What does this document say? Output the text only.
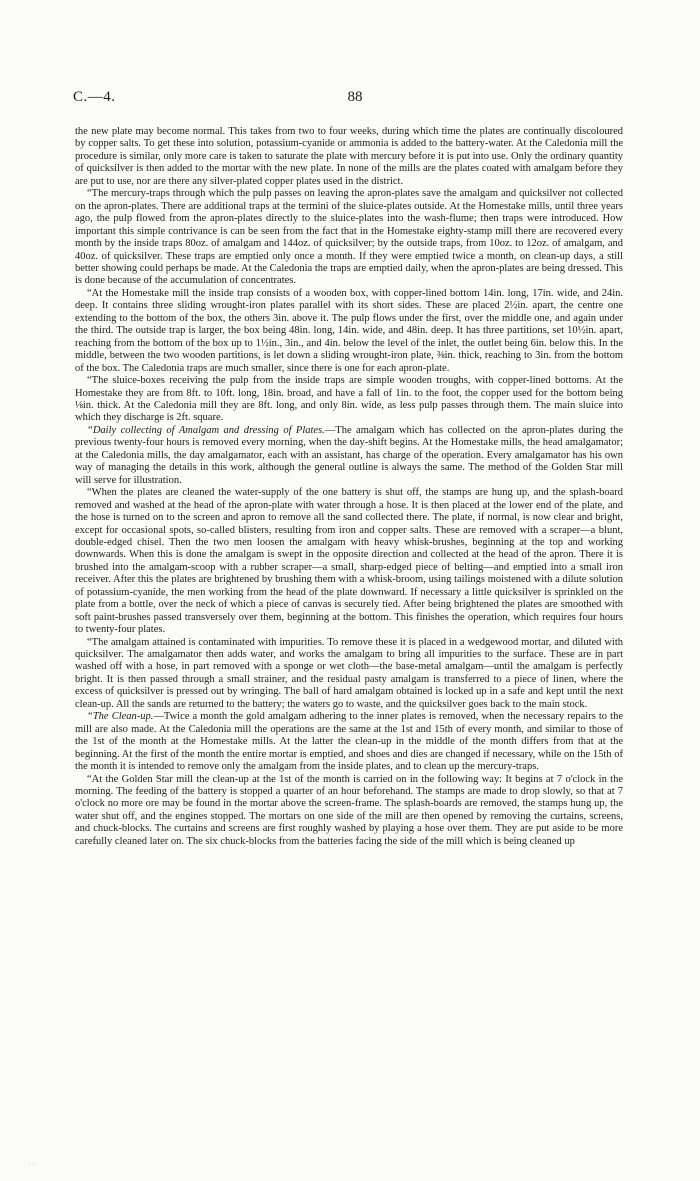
C.—4.	88

the new plate may become normal. This takes from two to four weeks, during which time the plates are continually discoloured by copper salts. To get these into solution, potassium-cyanide or ammonia is added to the battery-water. At the Caledonia mill the procedure is similar, only more care is taken to saturate the plate with mercury before it is put into use. Only the ordinary quantity of quicksilver is then added to the mortar with the new plate. In none of the mills are the plates coated with amalgam before they are put to use, nor are there any silver-plated copper plates used in the district.

“The mercury-traps through which the pulp passes on leaving the apron-plates save the amalgam and quicksilver not collected on the apron-plates. There are additional traps at the termini of the sluice-plates outside. At the Homestake mills, until three years ago, the pulp flowed from the apron-plates directly to the sluice-plates into the wash-flume; then traps were introduced. How important this simple contrivance is can be seen from the fact that in the Homestake eighty-stamp mill there are recovered every month by the inside traps 80oz. of amalgam and 144oz. of quicksilver; by the outside traps, from 10oz. to 12oz. of amalgam, and 40oz. of quicksilver. These traps are emptied only once a month. If they were emptied twice a month, on clean-up days, a still better showing could perhaps be made. At the Caledonia the traps are emptied daily, when the apron-plates are being dressed. This is done because of the accumulation of concentrates.

“At the Homestake mill the inside trap consists of a wooden box, with copper-lined bottom 14in. long, 17in. wide, and 24in. deep. It contains three sliding wrought-iron plates parallel with its short sides. These are placed 2½in. apart, the centre one extending to the bottom of the box, the others 3in. above it. The pulp flows under the first, over the middle one, and again under the third. The outside trap is larger, the box being 48in. long, 14in. wide, and 48in. deep. It has three partitions, set 10½in. apart, reaching from the bottom of the box up to 1½in., 3in., and 4in. below the level of the inlet, the outlet being 6in. below this. In the middle, between the two wooden partitions, is let down a sliding wrought-iron plate, ⅜in. thick, reaching to 3in. from the bottom of the box. The Caledonia traps are much smaller, since there is one for each apron-plate.

“The sluice-boxes receiving the pulp from the inside traps are simple wooden troughs, with copper-lined bottoms. At the Homestake they are from 8ft. to 10ft. long, 18in. broad, and have a fall of 1in. to the foot, the copper used for the bottom being ⅛in. thick. At the Caledonia mill they are 8ft. long, and only 8in. wide, as less pulp passes through them. The main sluice into which they discharge is 2ft. square.

“Daily collecting of Amalgam and dressing of Plates.—The amalgam which has collected on the apron-plates during the previous twenty-four hours is removed every morning, when the day-shift begins. At the Homestake mills, the head amalgamator; at the Caledonia mills, the day amalgamator, each with an assistant, has charge of the operation. Every amalgamator has his own way of managing the details in this work, although the general outline is always the same. The method of the Golden Star mill will serve for illustration.

“When the plates are cleaned the water-supply of the one battery is shut off, the stamps are hung up, and the splash-board removed and washed at the head of the apron-plate with water through a hose. It is then placed at the lower end of the plate, and the hose is turned on to the screen and apron to remove all the sand collected there. The plate, if normal, is now clear and bright, except for occasional spots, so-called blisters, resulting from iron and copper salts. These are removed with a scraper—a blunt, double-edged chisel. Then the two men loosen the amalgam with heavy whisk-brushes, beginning at the top and working downwards. When this is done the amalgam is swept in the opposite direction and collected at the head of the apron. There it is brushed into the amalgam-scoop with a rubber scraper—a small, sharp-edged piece of belting—and emptied into a small iron receiver. After this the plates are brightened by brushing them with a whisk-broom, using tailings moistened with a dilute solution of potassium-cyanide, the men working from the head of the plate downward. If necessary a little quicksilver is sprinkled on the plate from a bottle, over the neck of which a piece of canvas is securely tied. After being brightened the plates are smoothed with soft paint-brushes passed transversely over them, beginning at the bottom. This finishes the operation, which requires four hours to twenty-four plates.

“The amalgam attained is contaminated with impurities. To remove these it is placed in a wedgewood mortar, and diluted with quicksilver. The amalgamator then adds water, and works the amalgam to bring all impurities to the surface. These are in part washed off with a hose, in part removed with a sponge or wet cloth—the base-metal amalgam—until the amalgam is perfectly bright. It is then passed through a small strainer, and the residual pasty amalgam is transferred to a piece of linen, where the excess of quicksilver is pressed out by wringing. The ball of hard amalgam obtained is locked up in a safe and kept until the next clean-up. All the sands are returned to the battery; the waters go to waste, and the quicksilver goes back to the main stock.

“The Clean-up.—Twice a month the gold amalgam adhering to the inner plates is removed, when the necessary repairs to the mill are also made. At the Caledonia mill the operations are the same at the 1st and 15th of every month, and similar to those of the 1st of the month at the Homestake mills. At the latter the clean-up in the middle of the month differs from that at the beginning. At the first of the month the entire mortar is emptied, and shoes and dies are changed if necessary, while on the 15th of the month it is intended to remove only the amalgam from the inside plates, and to clean up the mercury-traps.

“At the Golden Star mill the clean-up at the 1st of the month is carried on in the following way: It begins at 7 o'clock in the morning. The feeding of the battery is stopped a quarter of an hour beforehand. The stamps are made to drop slowly, so that at 7 o'clock no more ore may be found in the mortar above the screen-frame. The splash-boards are removed, the stamps hung up, the water shut off, and the engines stopped. The mortars on one side of the mill are then opened by removing the curtains, screens, and chuck-blocks. The curtains and screens are first roughly washed by playing a hose over them. They are put aside to be more carefully cleaned later on. The six chuck-blocks from the batteries facing the side of the mill which is being cleaned up

· ·
